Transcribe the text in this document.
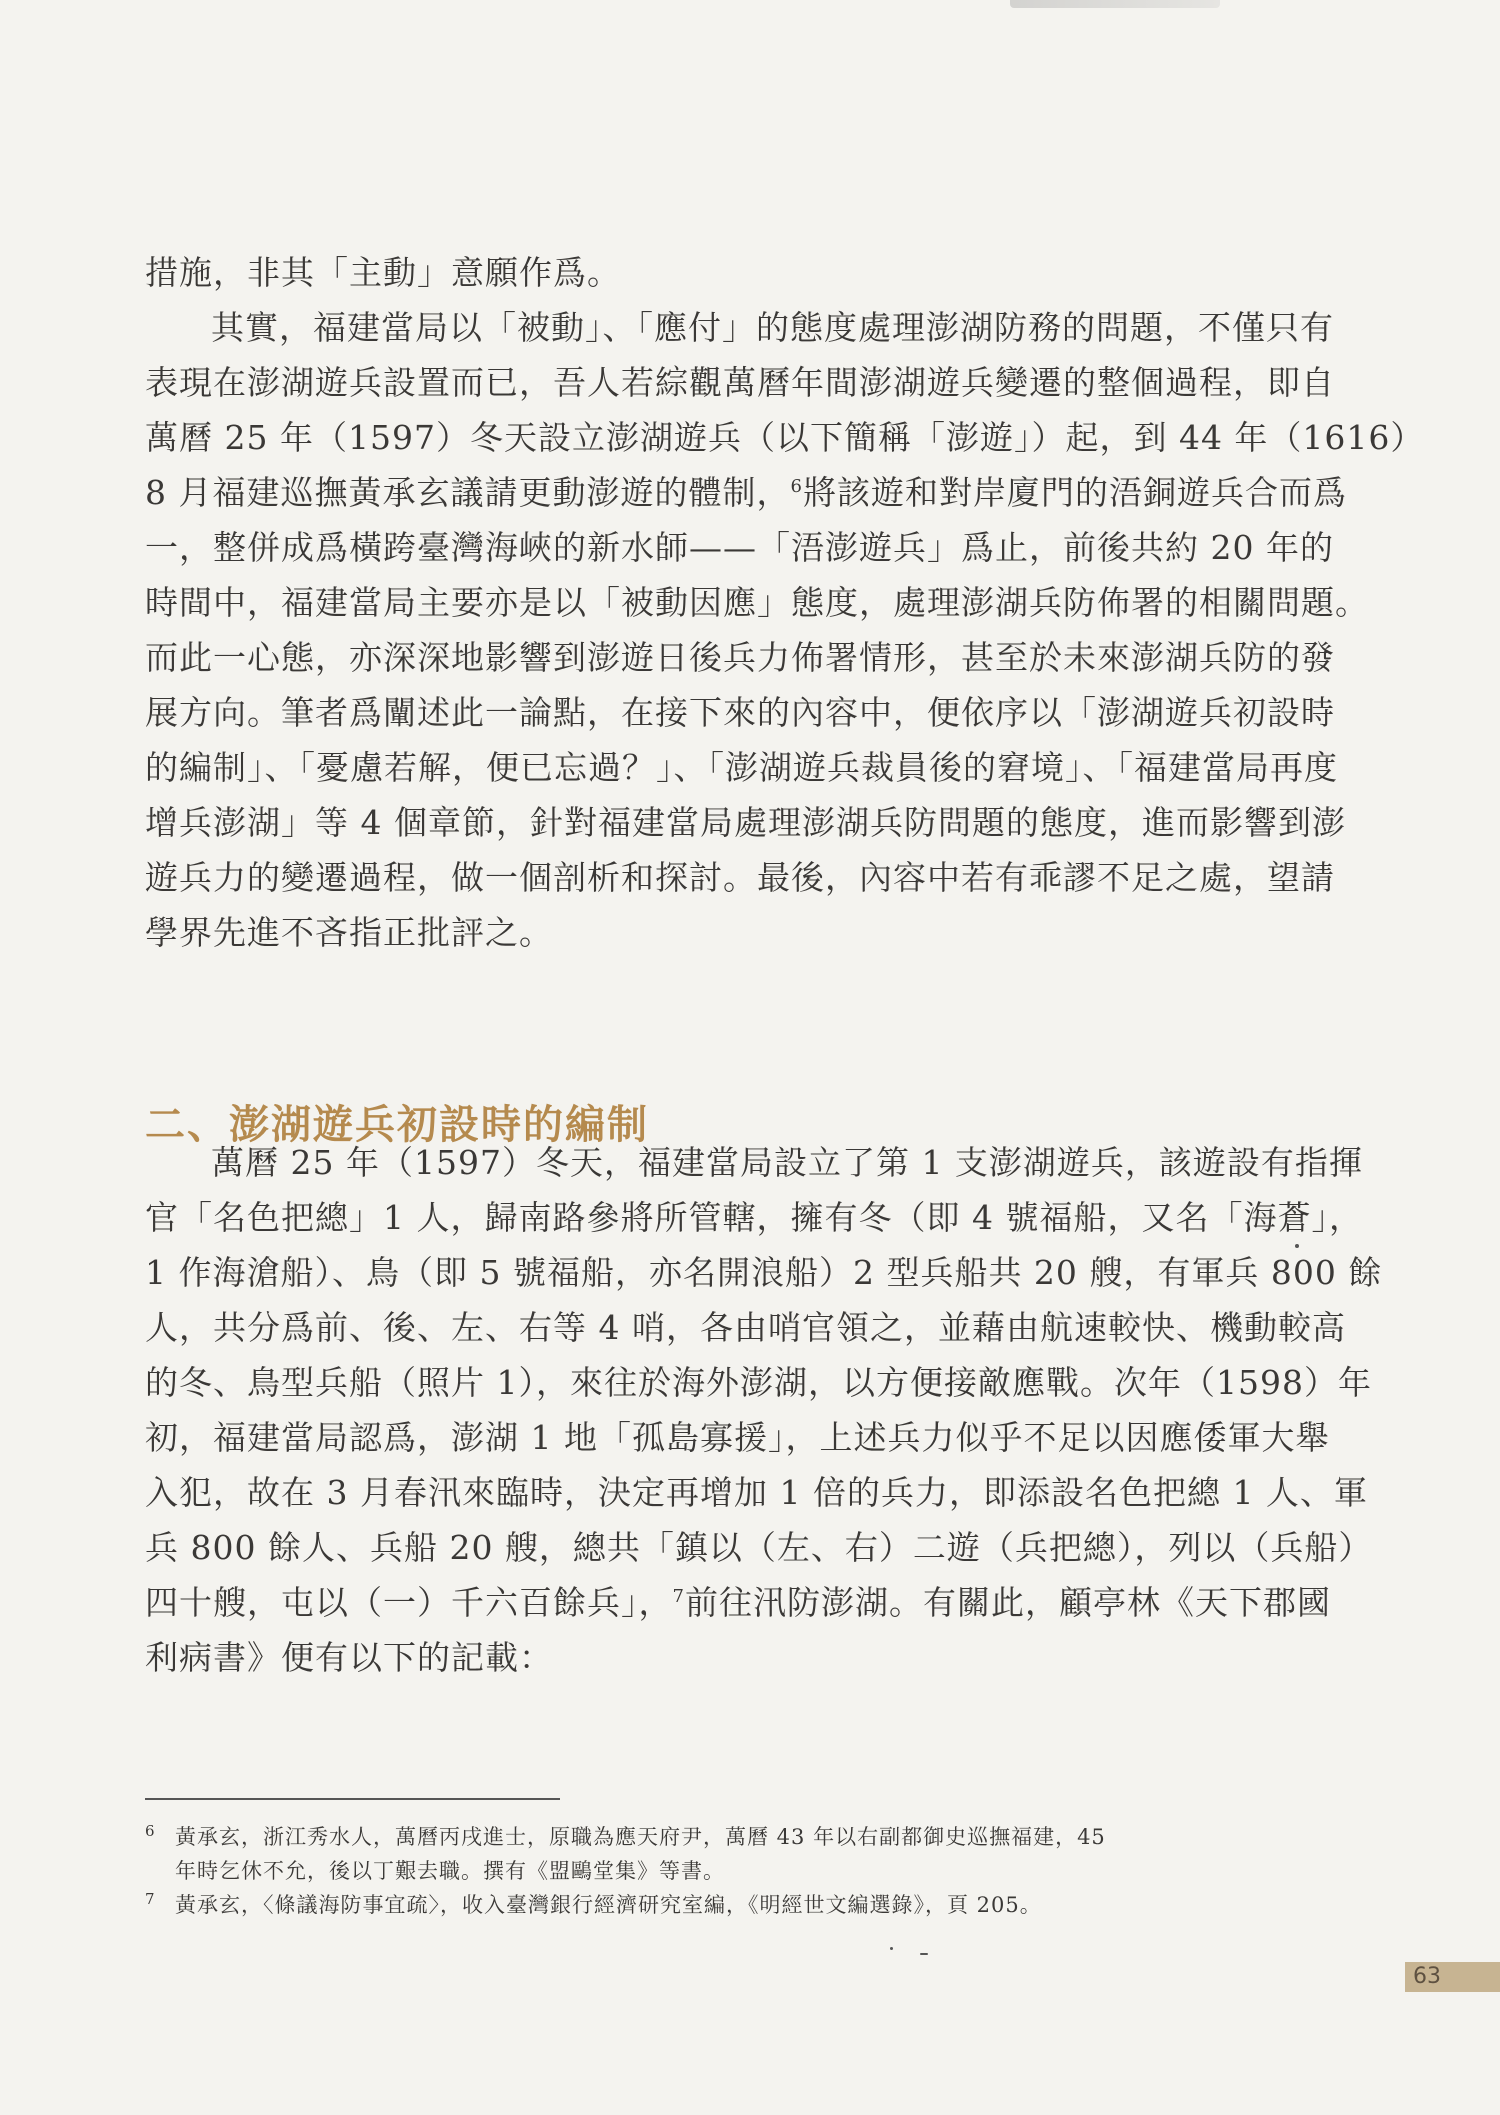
措施，非其「主動」意願作爲。

其實，福建當局以「被動」、「應付」的態度處理澎湖防務的問題，不僅只有
表現在澎湖遊兵設置而已，吾人若綜觀萬曆年間澎湖遊兵變遷的整個過程，即自
萬曆 25 年（1597）冬天設立澎湖遊兵（以下簡稱「澎遊」）起，到 44 年（1616）
8 月福建巡撫黃承玄議請更動澎遊的體制，$^6$將該遊和對岸廈門的浯銅遊兵合而爲
一，整併成爲橫跨臺灣海峽的新水師——「浯澎遊兵」爲止，前後共約 20 年的
時間中，福建當局主要亦是以「被動因應」態度，處理澎湖兵防佈署的相關問題。
而此一心態，亦深深地影響到澎遊日後兵力佈署情形，甚至於未來澎湖兵防的發
展方向。筆者爲闡述此一論點，在接下來的內容中，便依序以「澎湖遊兵初設時
的編制」、「憂慮若解，便已忘過？」、「澎湖遊兵裁員後的窘境」、「福建當局再度
增兵澎湖」等 4 個章節，針對福建當局處理澎湖兵防問題的態度，進而影響到澎
遊兵力的變遷過程，做一個剖析和探討。最後，內容中若有乖謬不足之處，望請
學界先進不吝指正批評之。

二、澎湖遊兵初設時的編制

萬曆 25 年（1597）冬天，福建當局設立了第 1 支澎湖遊兵，該遊設有指揮
官「名色把總」1 人，歸南路參將所管轄，擁有冬（即 4 號福船，又名「海蒼」，
1 作海滄船）、鳥（即 5 號福船，亦名開浪船）2 型兵船共 20 艘，有軍兵 800 餘
人，共分爲前、後、左、右等 4 哨，各由哨官領之，並藉由航速較快、機動較高
的冬、鳥型兵船（照片 1），來往於海外澎湖，以方便接敵應戰。次年（1598）年
初，福建當局認爲，澎湖 1 地「孤島寡援」，上述兵力似乎不足以因應倭軍大舉
入犯，故在 3 月春汛來臨時，決定再增加 1 倍的兵力，即添設名色把總 1 人、軍
兵 800 餘人、兵船 20 艘，總共「鎮以（左、右）二遊（兵把總），列以（兵船）
四十艘，屯以（一）千六百餘兵」，$^7$前往汛防澎湖。有關此，顧亭林《天下郡國
利病書》便有以下的記載：

6 黃承玄，浙江秀水人，萬曆丙戌進士，原職為應天府尹，萬曆 43 年以右副都御史巡撫福建，45
年時乞休不允，後以丁艱去職。撰有《盟鷗堂集》等書。
7 黃承玄，〈條議海防事宜疏〉，收入臺灣銀行經濟研究室編，《明經世文編選錄》，頁 205。
63
